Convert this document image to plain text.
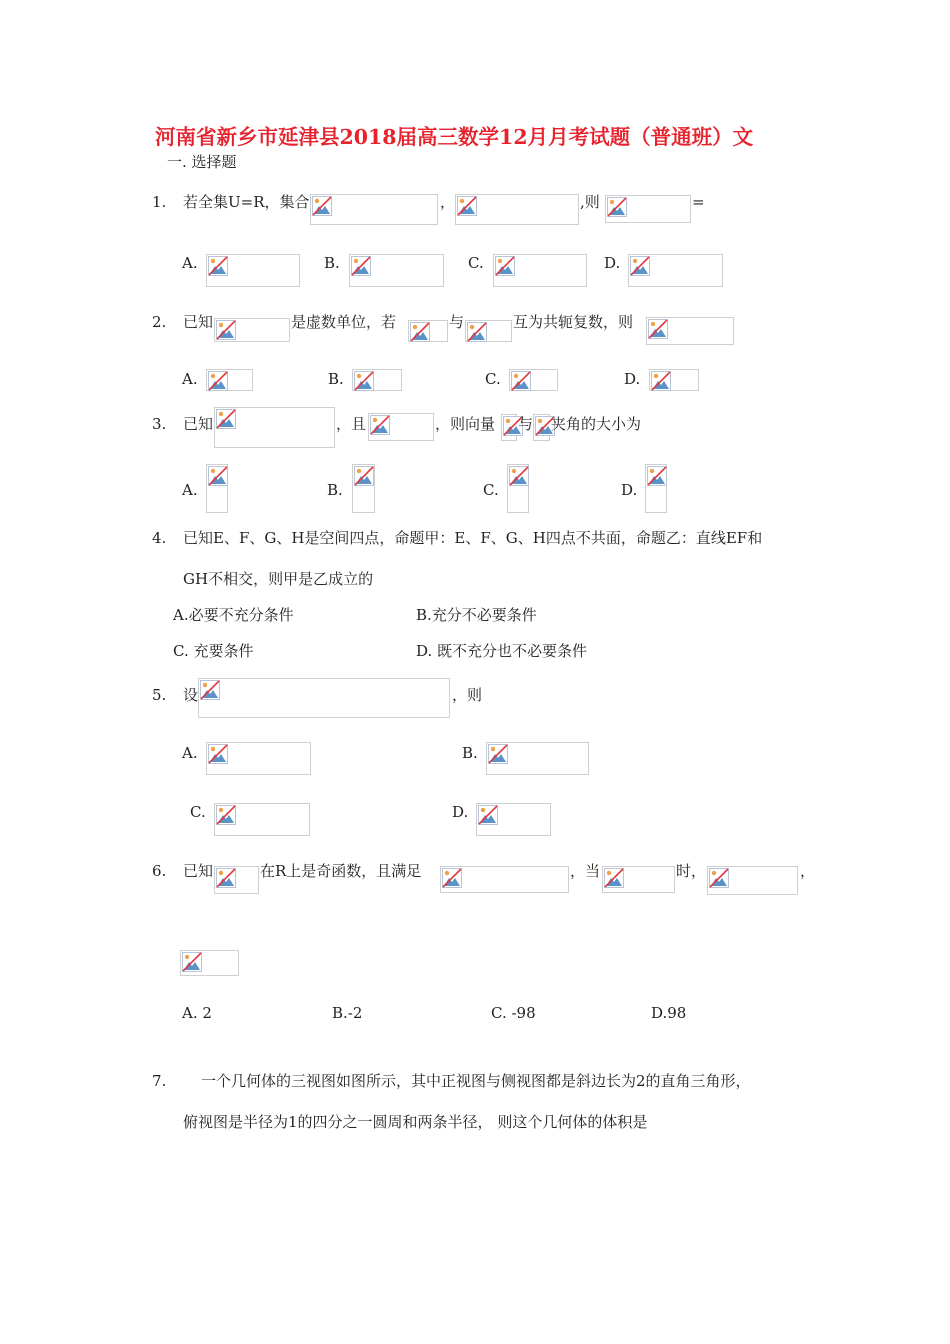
河南省新乡市延津县2018届高三数学12月月考试题（普通班）文
一. 选择题
1. 若全集U=R，集合	，	,则	=
A.	B.	C.	D.
2. 已知	是虚数单位，若	与	互为共轭复数，则
A.	B.	C.	D.
3. 已知	，且	，则向量 与 夹角的大小为
A.	B.	C.	D.
4. 已知E、F、G、H是空间四点，命题甲：E、F、G、H四点不共面，命题乙：直线EF和
GH不相交，则甲是乙成立的
A.必要不充分条件	B.充分不必要条件
C. 充要条件	D. 既不充分也不必要条件
5. 设	，则
A.	B.
C.	D.
6. 已知	在R上是奇函数，且满足	，当	时，	，
A. 2	B.-2	C. -98	D.98
7. 一个几何体的三视图如图所示，其中正视图与侧视图都是斜边长为2的直角三角形，
俯视图是半径为1的四分之一圆周和两条半径， 则这个几何体的体积是
